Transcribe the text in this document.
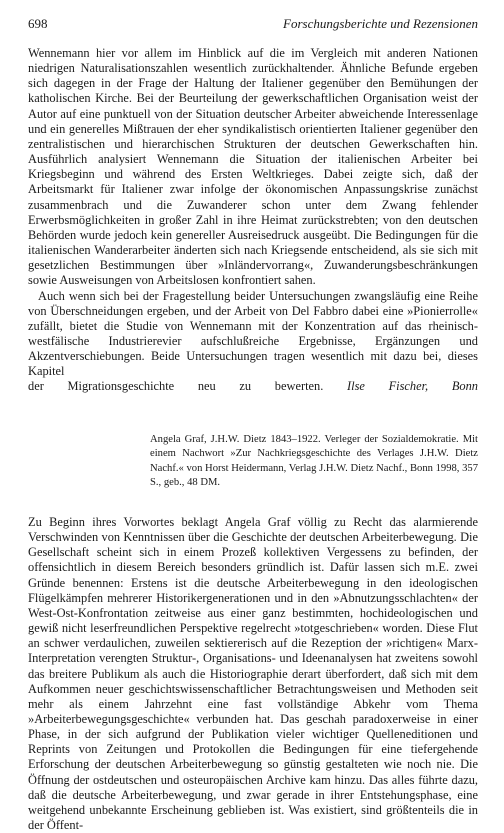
698	Forschungsberichte und Rezensionen

Wennemann hier vor allem im Hinblick auf die im Vergleich mit anderen Nationen niedrigen Naturalisationszahlen wesentlich zurückhaltender. Ähnliche Befunde ergeben sich dagegen in der Frage der Haltung der Italiener gegenüber den Bemühungen der katholischen Kirche. Bei der Beurteilung der gewerkschaftlichen Organisation weist der Autor auf eine punktuell von der Situation deutscher Arbeiter abweichende Interessenlage und ein generelles Mißtrauen der eher syndikalistisch orientierten Italiener gegenüber den zentralistischen und hierarchischen Strukturen der deutschen Gewerkschaften hin. Ausführlich analysiert Wennemann die Situation der italienischen Arbeiter bei Kriegsbeginn und während des Ersten Weltkrieges. Dabei zeigte sich, daß der Arbeitsmarkt für Italiener zwar infolge der ökonomischen Anpassungskrise zunächst zusammenbrach und die Zuwanderer schon unter dem Zwang fehlender Erwerbsmöglichkeiten in großer Zahl in ihre Heimat zurückstrebten; von den deutschen Behörden wurde jedoch kein genereller Ausreisedruck ausgeübt. Die Bedingungen für die italienischen Wanderarbeiter änderten sich nach Kriegsende entscheidend, als sie sich mit gesetzlichen Bestimmungen über »Inländervorrang«, Zuwanderungsbeschränkungen sowie Ausweisungen von Arbeitslosen konfrontiert sahen.

Auch wenn sich bei der Fragestellung beider Untersuchungen zwangsläufig eine Reihe von Überschneidungen ergeben, und der Arbeit von Del Fabbro dabei eine »Pionierrolle« zufällt, bietet die Studie von Wennemann mit der Konzentration auf das rheinisch-westfälische Industrierevier aufschlußreiche Ergebnisse, Ergänzungen und Akzentverschiebungen. Beide Untersuchungen tragen wesentlich mit dazu bei, dieses Kapitel

der Migrationsgeschichte neu zu bewerten. Ilse Fischer, Bonn
Angela Graf, J.H.W. Dietz 1843–1922. Verleger der Sozialdemokratie. Mit einem Nachwort »Zur Nachkriegsgeschichte des Verlages J.H.W. Dietz Nachf.« von Horst Heidermann, Verlag J.H.W. Dietz Nachf., Bonn 1998, 357 S., geb., 48 DM.

Zu Beginn ihres Vorwortes beklagt Angela Graf völlig zu Recht das alarmierende Verschwinden von Kenntnissen über die Geschichte der deutschen Arbeiterbewegung. Die Gesellschaft scheint sich in einem Prozeß kollektiven Vergessens zu befinden, der offensichtlich in diesem Bereich besonders gründlich ist. Dafür lassen sich m.E. zwei Gründe benennen: Erstens ist die deutsche Arbeiterbewegung in den ideologischen Flügelkämpfen mehrerer Historikergenerationen und in den »Abnutzungsschlachten« der West-Ost-Konfrontation zeitweise aus einer ganz bestimmten, hochideologischen und gewiß nicht leserfreundlichen Perspektive regelrecht »totgeschrieben« worden. Diese Flut an schwer verdaulichen, zuweilen sektiererisch auf die Rezeption der »richtigen« Marx-Interpretation verengten Struktur-, Organisations- und Ideenanalysen hat zweitens sowohl das breitere Publikum als auch die Historiographie derart überfordert, daß sich mit dem Aufkommen neuer geschichtswissenschaftlicher Betrachtungsweisen und Methoden seit mehr als einem Jahrzehnt eine fast vollständige Abkehr vom Thema »Arbeiterbewegungsgeschichte« verbunden hat. Das geschah paradoxerweise in einer Phase, in der sich aufgrund der Publikation vieler wichtiger Quelleneditionen und Reprints von Zeitungen und Protokollen die Bedingungen für eine tiefergehende Erforschung der deutschen Arbeiterbewegung so günstig gestalteten wie noch nie. Die Öffnung der ostdeutschen und osteuropäischen Archive kam hinzu. Das alles führte dazu, daß die deutsche Arbeiterbewegung, und zwar gerade in ihrer Entstehungsphase, eine weitgehend unbekannte Erscheinung geblieben ist. Was existiert, sind größtenteils die in der Öffent-
